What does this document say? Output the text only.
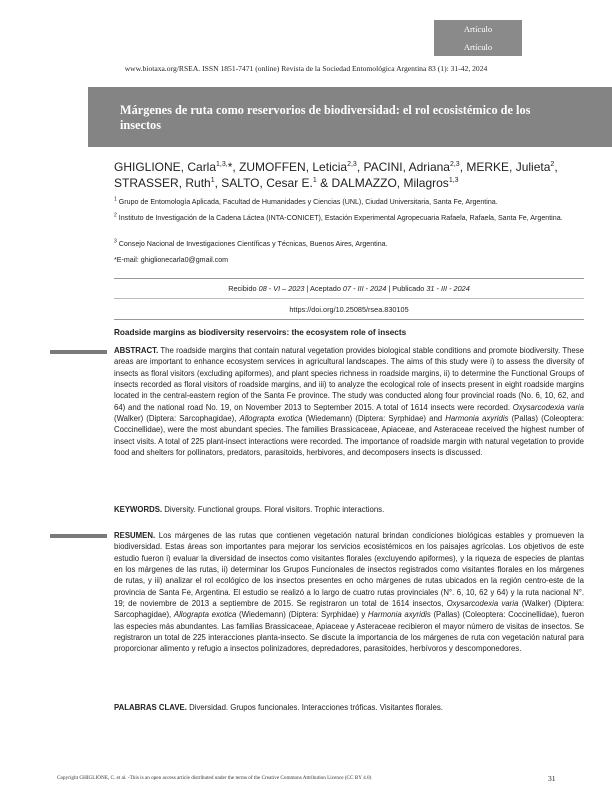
Artículo
Artículo
www.biotaxa.org/RSEA. ISSN 1851-7471 (online) Revista de la Sociedad Entomológica Argentina 83 (1): 31-42, 2024
Márgenes de ruta como reservorios de biodiversidad: el rol ecosistémico de los insectos
GHIGLIONE, Carla$^{1,3,}$*, ZUMOFFEN, Leticia$^{2,3}$, PACINI, Adriana$^{2,3}$, MERKE, Julieta$^2$,
STRASSER, Ruth$^1$, SALTO, Cesar E.$^1$ & DALMAZZO, Milagros$^{1,3}$
$^1$ Grupo de Entomología Aplicada, Facultad de Humanidades y Ciencias (UNL), Ciudad Universitaria, Santa Fe, Argentina.
$^2$ Instituto de Investigación de la Cadena Láctea (INTA-CONICET), Estación Experimental Agropecuaria Rafaela, Rafaela, Santa Fe, Argentina.
$^3$ Consejo Nacional de Investigaciones Científicas y Técnicas, Buenos Aires, Argentina.
*E-mail: ghiglionecarla0@gmail.com
Recibido 08 - VI – 2023 | Aceptado 07 - III - 2024 | Publicado 31 - III - 2024
https://doi.org/10.25085/rsea.830105
Roadside margins as biodiversity reservoirs: the ecosystem role of insects
ABSTRACT. The roadside margins that contain natural vegetation provides biological stable conditions and promote biodiversity. These areas are important to enhance ecosystem services in agricultural landscapes. The aims of this study were i) to assess the diversity of insects as floral visitors (excluding apiformes), and plant species richness in roadside margins, ii) to determine the Functional Groups of insects recorded as floral visitors of roadside margins, and iii) to analyze the ecological role of insects present in eight roadside margins located in the central-eastern region of the Santa Fe province. The study was conducted along four provincial roads (No. 6, 10, 62, and 64) and the national road No. 19, on November 2013 to September 2015. A total of 1614 insects were recorded. Oxysarcodexia varia (Walker) (Diptera: Sarcophagidae), Allograpta exotica (Wiedemann) (Diptera: Syrphidae) and Harmonia axyridis (Pallas) (Coleoptera: Coccinellidae), were the most abundant species. The families Brassicaceae, Apiaceae, and Asteraceae received the highest number of insect visits. A total of 225 plant-insect interactions were recorded. The importance of roadside margin with natural vegetation to provide food and shelters for pollinators, predators, parasitoids, herbivores, and decomposers insects is discussed.
KEYWORDS. Diversity. Functional groups. Floral visitors. Trophic interactions.
RESUMEN. Los márgenes de las rutas que contienen vegetación natural brindan condiciones biológicas estables y promueven la biodiversidad. Estas áreas son importantes para mejorar los servicios ecosistémicos en los paisajes agrícolas. Los objetivos de este estudio fueron i) evaluar la diversidad de insectos como visitantes florales (excluyendo apiformes), y la riqueza de especies de plantas en los márgenes de las rutas, ii) determinar los Grupos Funcionales de insectos registrados como visitantes florales en los márgenes de rutas, y iii) analizar el rol ecológico de los insectos presentes en ocho márgenes de rutas ubicados en la región centro-este de la provincia de Santa Fe, Argentina. El estudio se realizó a lo largo de cuatro rutas provinciales (N°. 6, 10, 62 y 64) y la ruta nacional N°. 19; de noviembre de 2013 a septiembre de 2015. Se registraron un total de 1614 insectos, Oxysarcodexia varia (Walker) (Diptera: Sarcophagidae), Allograpta exotica (Wiedemann) (Diptera: Syrphidae) y Harmonia axyridis (Pallas) (Coleoptera: Coccinellidae), fueron las especies más abundantes. Las familias Brassicaceae, Apiaceae y Asteraceae recibieron el mayor número de visitas de insectos. Se registraron un total de 225 interacciones planta-insecto. Se discute la importancia de los márgenes de ruta con vegetación natural para proporcionar alimento y refugio a insectos polinizadores, depredadores, parasitoides, herbívoros y descomponedores.
PALABRAS CLAVE. Diversidad. Grupos funcionales. Interacciones tróficas. Visitantes florales.
Copyright GHIGLIONE, C. et al. -This is an open access article distributed under the terms of the Creative Commons Attribution Licence (CC BY 4.0)	31
